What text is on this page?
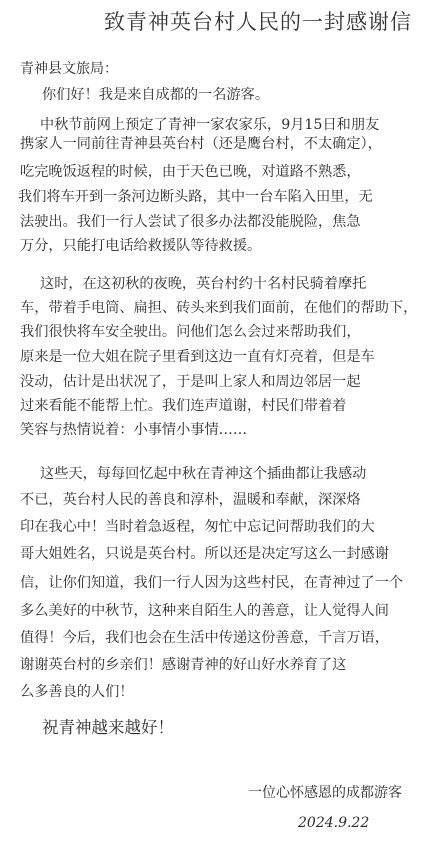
致青神英台村人民的一封感谢信
青神县文旅局：
你们好！我是来自成都的一名游客。
中秋节前网上预定了青神一家农家乐，9月15日和朋友
携家人一同前往青神县英台村（还是鹰台村，不太确定），
吃完晚饭返程的时候，由于天色已晚，对道路不熟悉，
我们将车开到一条河边断头路，其中一台车陷入田里，无
法驶出。我们一行人尝试了很多办法都没能脱险，焦急
万分，只能打电话给救援队等待救援。
这时，在这初秋的夜晚，英台村约十名村民骑着摩托
车，带着手电筒、扁担、砖头来到我们面前，在他们的帮助下，
我们很快将车安全驶出。问他们怎么会过来帮助我们，
原来是一位大姐在院子里看到这边一直有灯亮着，但是车
没动，估计是出状况了，于是叫上家人和周边邻居一起
过来看能不能帮上忙。我们连声道谢，村民们带着着
笑容与热情说着：小事情小事情……
这些天，每每回忆起中秋在青神这个插曲都让我感动
不已，英台村人民的善良和淳朴，温暖和奉献，深深烙
印在我心中！当时着急返程，匆忙中忘记问帮助我们的大
哥大姐姓名，只说是英台村。所以还是决定写这么一封感谢
信，让你们知道，我们一行人因为这些村民，在青神过了一个
多么美好的中秋节，这种来自陌生人的善意，让人觉得人间
值得！今后，我们也会在生活中传递这份善意，千言万语，
谢谢英台村的乡亲们！感谢青神的好山好水养育了这
么多善良的人们！
祝青神越来越好！
一位心怀感恩的成都游客
2024.9.22
